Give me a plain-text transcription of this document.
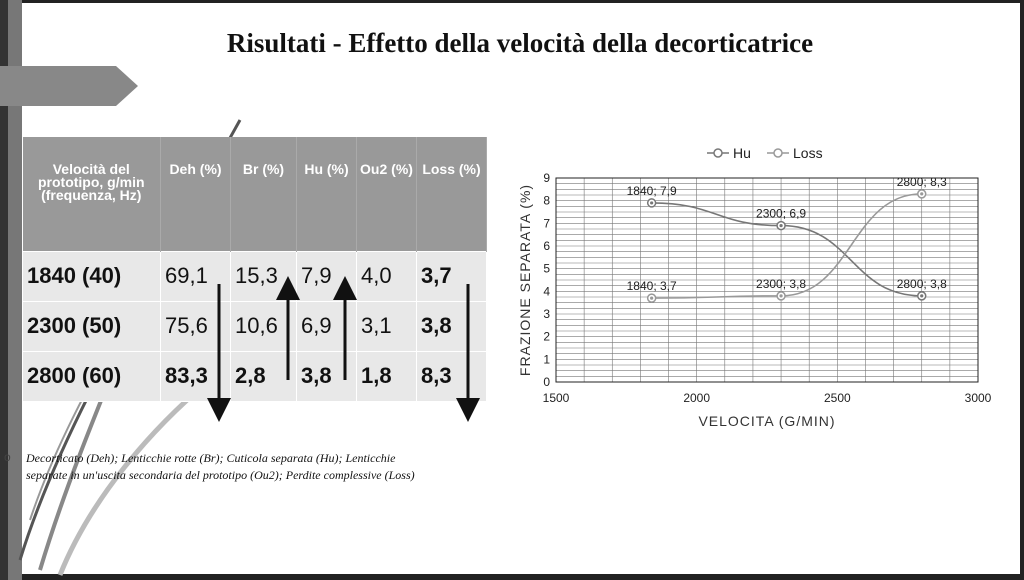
Risultati - Effetto della velocità della decorticatrice
Velocità del prototipo, g/min (frequenza, Hz)	Deh (%)	Br (%)	Hu (%)	Ou2 (%)	Loss (%)
1840 (40)	69,1	15,3	7,9	4,0	3,7
2300 (50)	75,6	10,6	6,9	3,1	3,8
2800 (60)	83,3	2,8	3,8	1,8	8,3
o Decorticato (Deh); Lenticchie rotte (Br); Cuticola separata (Hu); Lenticchie
separate in un'uscita secondaria del prototipo (Ou2); Perdite complessive (Loss)
0
1
2
3
4
5
6
7
8
9
1500	2000	2500	3000
VELOCITA (G/MIN)
FRAZIONE SEPARATA (%)
Hu	Loss
1840; 7,9
2300; 6,9
2800; 3,8
1840; 3,7	2300; 3,8
2800; 8,3
